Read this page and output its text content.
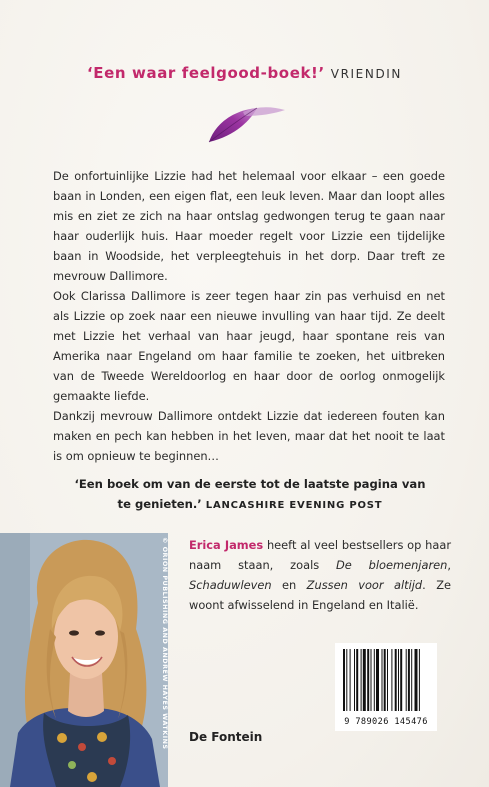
‘Een waar feelgood-boek!’ VRIENDIN

De onfortuinlijke Lizzie had het helemaal voor elkaar – een goede baan in Londen, een eigen flat, een leuk leven. Maar dan loopt alles mis en ziet ze zich na haar ontslag gedwongen terug te gaan naar haar ouderlijk huis. Haar moeder regelt voor Lizzie een tijdelijke baan in Woodside, het verpleegtehuis in het dorp. Daar treft ze mevrouw Dallimore.

Ook Clarissa Dallimore is zeer tegen haar zin pas verhuisd en net als Lizzie op zoek naar een nieuwe invulling van haar tijd. Ze deelt met Lizzie het verhaal van haar jeugd, haar spontane reis van Amerika naar Engeland om haar familie te zoeken, het uitbreken van de Tweede Wereldoorlog en haar door de oorlog onmogelijk gemaakte liefde.

Dankzij mevrouw Dallimore ontdekt Lizzie dat iedereen fouten kan maken en pech kan hebben in het leven, maar dat het nooit te laat is om opnieuw te beginnen…

‘Een boek om van de eerste tot de laatste pagina van te genieten.’ LANCASHIRE EVENING POST
© ORION PUBLISHING AND ANDREW HAYES WATKINS Erica James heeft al veel bestsellers op haar naam staan, zoals De bloemenjaren, Schaduwleven en Zussen voor altijd. Ze woont afwisselend in Engeland en Italië.
9 789026 145476
De Fontein
